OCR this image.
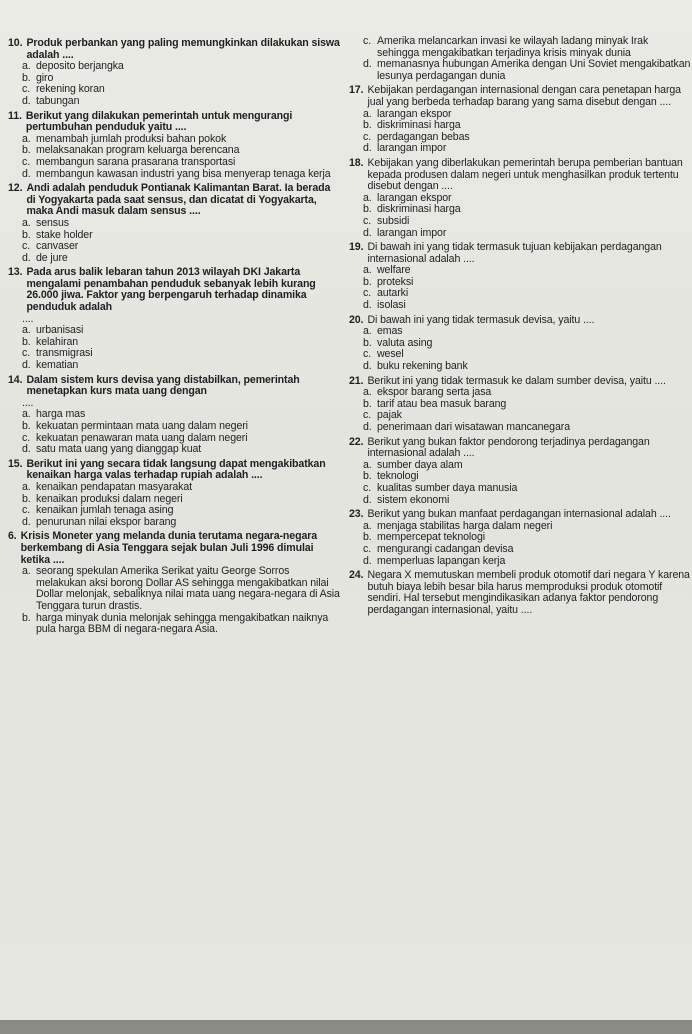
10. Produk perbankan yang paling memungkinkan dilakukan siswa adalah ....
a. deposito berjangka
b. giro
c. rekening koran
d. tabungan
11. Berikut yang dilakukan pemerintah untuk mengurangi pertumbuhan penduduk yaitu ....
a. menambah jumlah produksi bahan pokok
b. melaksanakan program keluarga berencana
c. membangun sarana prasarana transportasi
d. membangun kawasan industri yang bisa menyerap tenaga kerja
12. Andi adalah penduduk Pontianak Kalimantan Barat. Ia berada di Yogyakarta pada saat sensus, dan dicatat di Yogyakarta, maka Andi masuk dalam sensus ....
a. sensus
b. stake holder
c. canvaser
d. de jure
13. Pada arus balik lebaran tahun 2013 wilayah DKI Jakarta mengalami penambahan penduduk sebanyak lebih kurang 26.000 jiwa. Faktor yang berpengaruh terhadap dinamika penduduk adalah
....
a. urbanisasi
b. kelahiran
c. transmigrasi
d. kematian
14. Dalam sistem kurs devisa yang distabilkan, pemerintah menetapkan kurs mata uang dengan
....
a. harga mas
b. kekuatan permintaan mata uang dalam negeri
c. kekuatan penawaran mata uang dalam negeri
d. satu mata uang yang dianggap kuat
15. Berikut ini yang secara tidak langsung dapat mengakibatkan kenaikan harga valas terhadap rupiah adalah ....
a. kenaikan pendapatan masyarakat
b. kenaikan produksi dalam negeri
c. kenaikan jumlah tenaga asing
d. penurunan nilai ekspor barang
6. Krisis Moneter yang melanda dunia terutama negara-negara berkembang di Asia Tenggara sejak bulan Juli 1996 dimulai ketika ....
a. seorang spekulan Amerika Serikat yaitu George Sorros melakukan aksi borong Dollar AS sehingga mengakibatkan nilai Dollar melonjak, sebaliknya nilai mata uang negara-negara di Asia Tenggara turun drastis.
b. harga minyak dunia melonjak sehingga mengakibatkan naiknya pula harga BBM di negara-negara Asia.
c. Amerika melancarkan invasi ke wilayah ladang minyak Irak sehingga mengakibatkan terjadinya krisis minyak dunia
d. memanasnya hubungan Amerika dengan Uni Soviet mengakibatkan lesunya perdagangan dunia
17. Kebijakan perdagangan internasional dengan cara penetapan harga jual yang berbeda terhadap barang yang sama disebut dengan ....
a. larangan ekspor
b. diskriminasi harga
c. perdagangan bebas
d. larangan impor
18. Kebijakan yang diberlakukan pemerintah berupa pemberian bantuan kepada produsen dalam negeri untuk menghasilkan produk tertentu disebut dengan ....
a. larangan ekspor
b. diskriminasi harga
c. subsidi
d. larangan impor
19. Di bawah ini yang tidak termasuk tujuan kebijakan perdagangan internasional adalah ....
a. welfare
b. proteksi
c. autarki
d. isolasi
20. Di bawah ini yang tidak termasuk devisa, yaitu ....
a. emas
b. valuta asing
c. wesel
d. buku rekening bank
21. Berikut ini yang tidak termasuk ke dalam sumber devisa, yaitu ....
a. ekspor barang serta jasa
b. tarif atau bea masuk barang
c. pajak
d. penerimaan dari wisatawan mancanegara
22. Berikut yang bukan faktor pendorong terjadinya perdagangan internasional adalah ....
a. sumber daya alam
b. teknologi
c. kualitas sumber daya manusia
d. sistem ekonomi
23. Berikut yang bukan manfaat perdagangan internasional adalah ....
a. menjaga stabilitas harga dalam negeri
b. mempercepat teknologi
c. mengurangi cadangan devisa
d. memperluas lapangan kerja
24. Negara X memutuskan membeli produk otomotif dari negara Y karena butuh biaya lebih besar bila harus memproduksi produk otomotif sendiri. Hal tersebut mengindikasikan adanya faktor pendorong perdagangan internasional, yaitu ....
